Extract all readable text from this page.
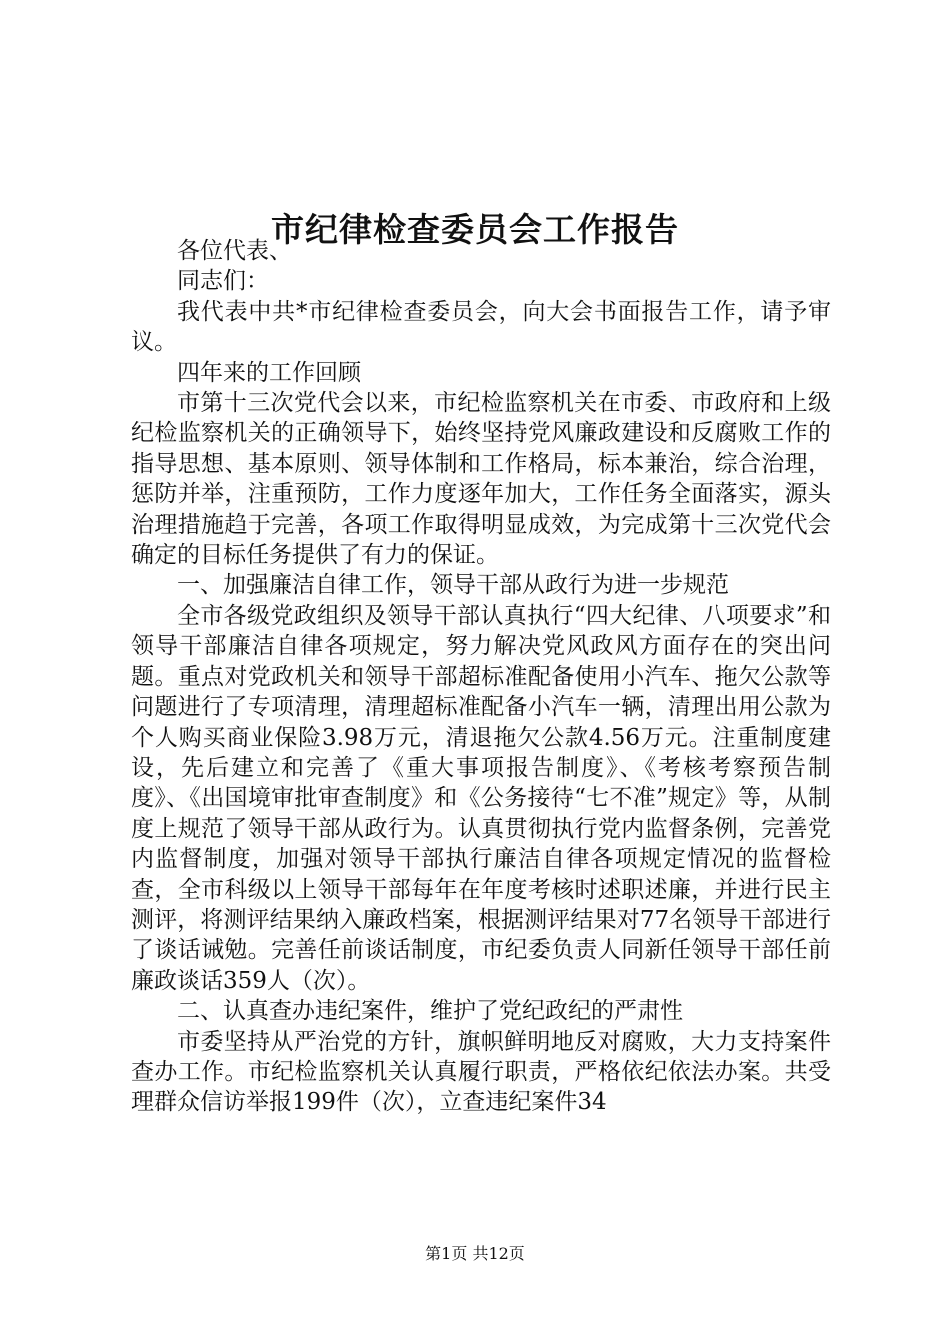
市纪律检查委员会工作报告

各位代表、

同志们：

我代表中共*市纪律检查委员会，向大会书面报告工作，请予审议。

四年来的工作回顾

市第十三次党代会以来，市纪检监察机关在市委、市政府和上级纪检监察机关的正确领导下，始终坚持党风廉政建设和反腐败工作的指导思想、基本原则、领导体制和工作格局，标本兼治，综合治理，惩防并举，注重预防，工作力度逐年加大，工作任务全面落实，源头治理措施趋于完善，各项工作取得明显成效，为完成第十三次党代会确定的目标任务提供了有力的保证。

一、加强廉洁自律工作，领导干部从政行为进一步规范

全市各级党政组织及领导干部认真执行“四大纪律、八项要求”和领导干部廉洁自律各项规定，努力解决党风政风方面存在的突出问题。重点对党政机关和领导干部超标准配备使用小汽车、拖欠公款等问题进行了专项清理，清理超标准配备小汽车一辆，清理出用公款为个人购买商业保险3.98万元，清退拖欠公款4.56万元。注重制度建设，先后建立和完善了《重大事项报告制度》、《考核考察预告制度》、《出国境审批审查制度》和《公务接待“七不准”规定》等，从制度上规范了领导干部从政行为。认真贯彻执行党内监督条例，完善党内监督制度，加强对领导干部执行廉洁自律各项规定情况的监督检查，全市科级以上领导干部每年在年度考核时述职述廉，并进行民主测评，将测评结果纳入廉政档案，根据测评结果对77名领导干部进行了谈话诫勉。完善任前谈话制度，市纪委负责人同新任领导干部任前廉政谈话359人（次）。

二、认真查办违纪案件，维护了党纪政纪的严肃性

市委坚持从严治党的方针，旗帜鲜明地反对腐败，大力支持案件查办工作。市纪检监察机关认真履行职责，严格依纪依法办案。共受理群众信访举报199件（次），立查违纪案件34

第1页 共12页
